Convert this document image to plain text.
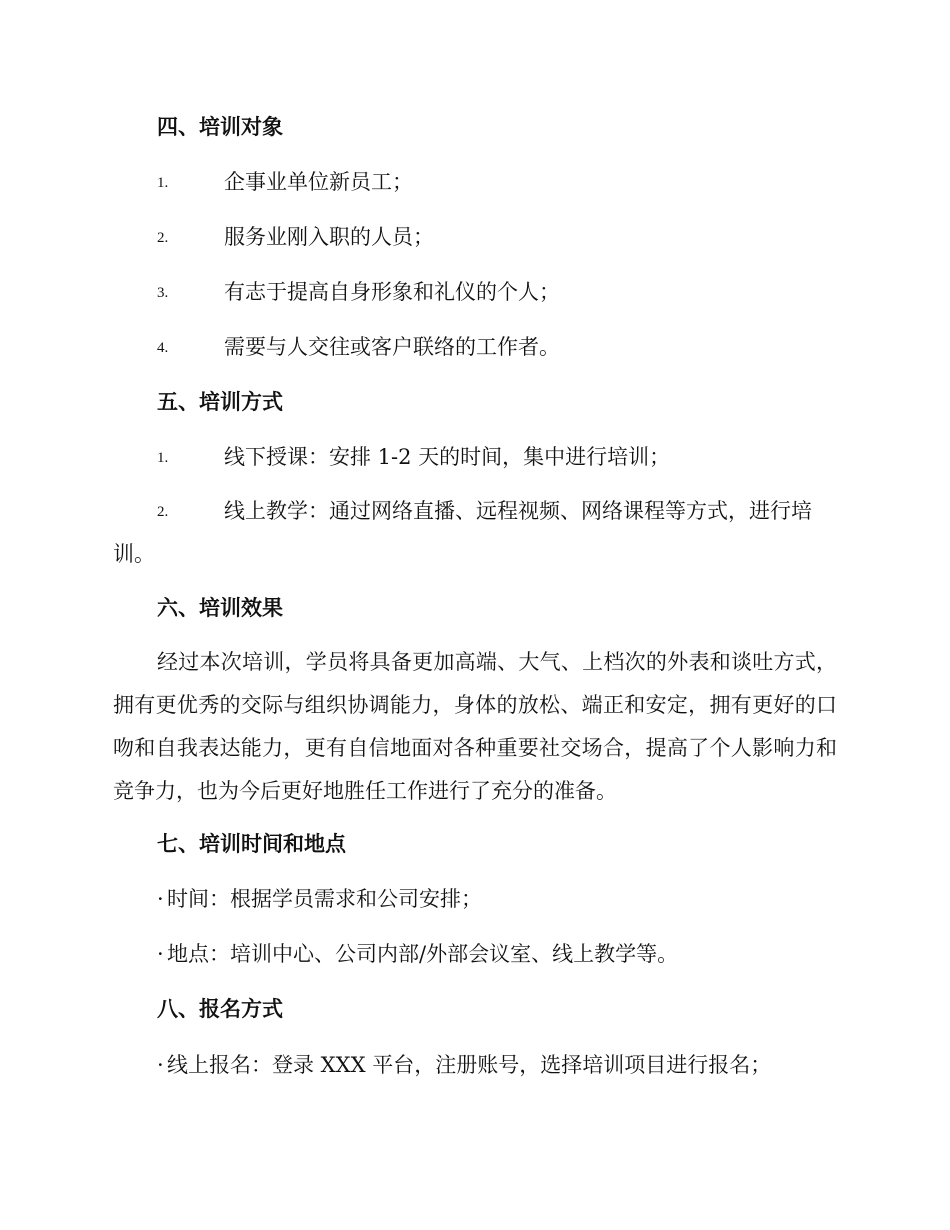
四、培训对象
1.	企事业单位新员工；
2.	服务业刚入职的人员；
3.	有志于提高自身形象和礼仪的个人；
4.	需要与人交往或客户联络的工作者。
五、培训方式
1.	线下授课：安排 1-2 天的时间，集中进行培训；
2.	线上教学：通过网络直播、远程视频、网络课程等方式，进行培
训。
六、培训效果
经过本次培训，学员将具备更加高端、大气、上档次的外表和谈吐方式，拥有更优秀的交际与组织协调能力，身体的放松、端正和安定，拥有更好的口吻和自我表达能力，更有自信地面对各种重要社交场合，提高了个人影响力和竞争力，也为今后更好地胜任工作进行了充分的准备。
七、培训时间和地点
· 时间：根据学员需求和公司安排；
· 地点：培训中心、公司内部/外部会议室、线上教学等。
八、报名方式
· 线上报名：登录 XXX 平台，注册账号，选择培训项目进行报名；
